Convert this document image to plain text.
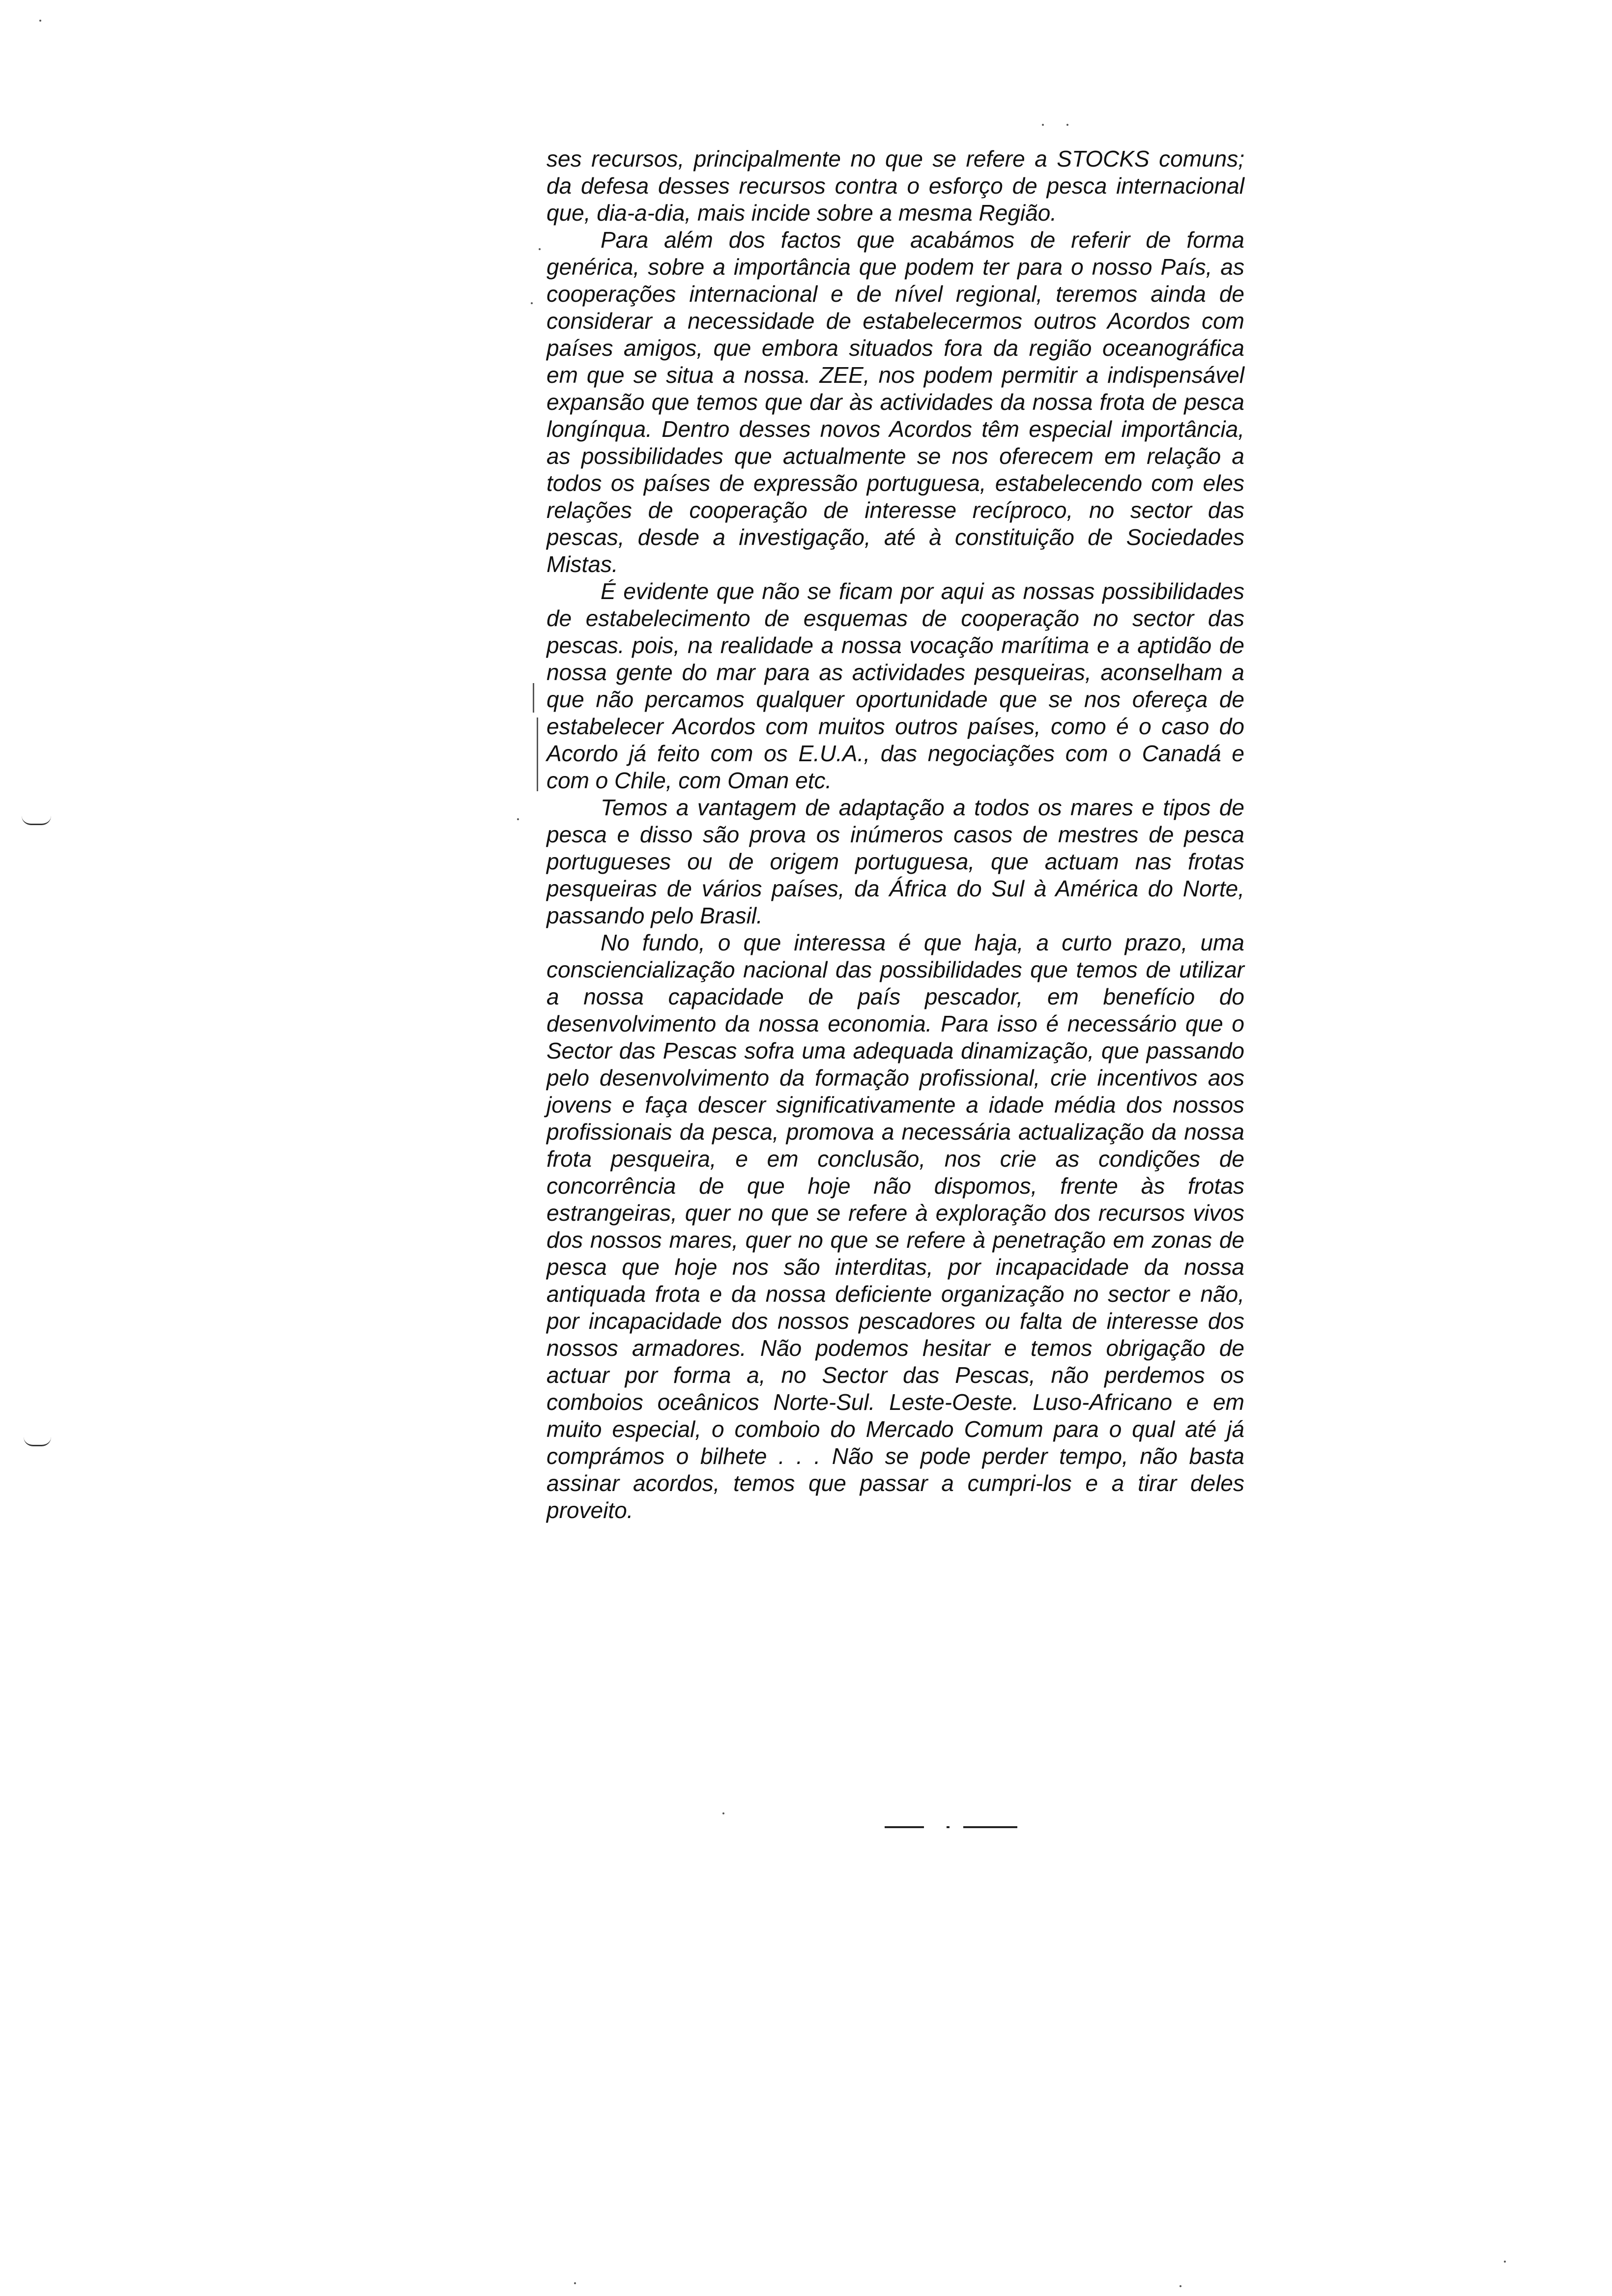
ses recursos, principalmente no que se refere a STOCKS comuns; da defesa desses recursos contra o esforço de pesca internacional que, dia-a-dia, mais incide sobre a mesma Região.

Para além dos factos que acabámos de referir de forma genérica, sobre a importância que podem ter para o nosso País, as cooperações internacional e de nível regional, teremos ainda de considerar a necessidade de estabelecermos outros Acordos com países amigos, que embora situados fora da região oceanográfica em que se situa a nossa. ZEE, nos podem permitir a indispensável expansão que temos que dar às actividades da nossa frota de pesca longínqua. Dentro desses novos Acordos têm especial importância, as possibilidades que actualmente se nos oferecem em relação a todos os países de expressão portuguesa, estabelecendo com eles relações de cooperação de interesse recíproco, no sector das pescas, desde a investigação, até à constituição de Sociedades Mistas.

É evidente que não se ficam por aqui as nossas possibilidades de estabelecimento de esquemas de cooperação no sector das pescas. pois, na realidade a nossa vocação marítima e a aptidão de nossa gente do mar para as actividades pesqueiras, aconselham a que não percamos qualquer oportunidade que se nos ofereça de estabelecer Acordos com muitos outros países, como é o caso do Acordo já feito com os E.U.A., das negociações com o Canadá e com o Chile, com Oman etc.

Temos a vantagem de adaptação a todos os mares e tipos de pesca e disso são prova os inúmeros casos de mestres de pesca portugueses ou de origem portuguesa, que actuam nas frotas pesqueiras de vários países, da África do Sul à América do Norte, passando pelo Brasil.

No fundo, o que interessa é que haja, a curto prazo, uma consciencialização nacional das possibilidades que temos de utilizar a nossa capacidade de país pescador, em benefício do desenvolvimento da nossa economia. Para isso é necessário que o Sector das Pescas sofra uma adequada dinamização, que passando pelo desenvolvimento da formação profissional, crie incentivos aos jovens e faça descer significativamente a idade média dos nossos profissionais da pesca, promova a necessária actualização da nossa frota pesqueira, e em conclusão, nos crie as condições de concorrência de que hoje não dispomos, frente às frotas estrangeiras, quer no que se refere à exploração dos recursos vivos dos nossos mares, quer no que se refere à penetração em zonas de pesca que hoje nos são interditas, por incapacidade da nossa antiquada frota e da nossa deficiente organização no sector e não, por incapacidade dos nossos pescadores ou falta de interesse dos nossos armadores. Não podemos hesitar e temos obrigação de actuar por forma a, no Sector das Pescas, não perdemos os comboios oceânicos Norte-Sul. Leste-Oeste. Luso-Africano e em muito especial, o comboio do Mercado Comum para o qual até já comprámos o bilhete . . . Não se pode perder tempo, não basta assinar acordos, temos que passar a cumpri-los e a tirar deles proveito.
